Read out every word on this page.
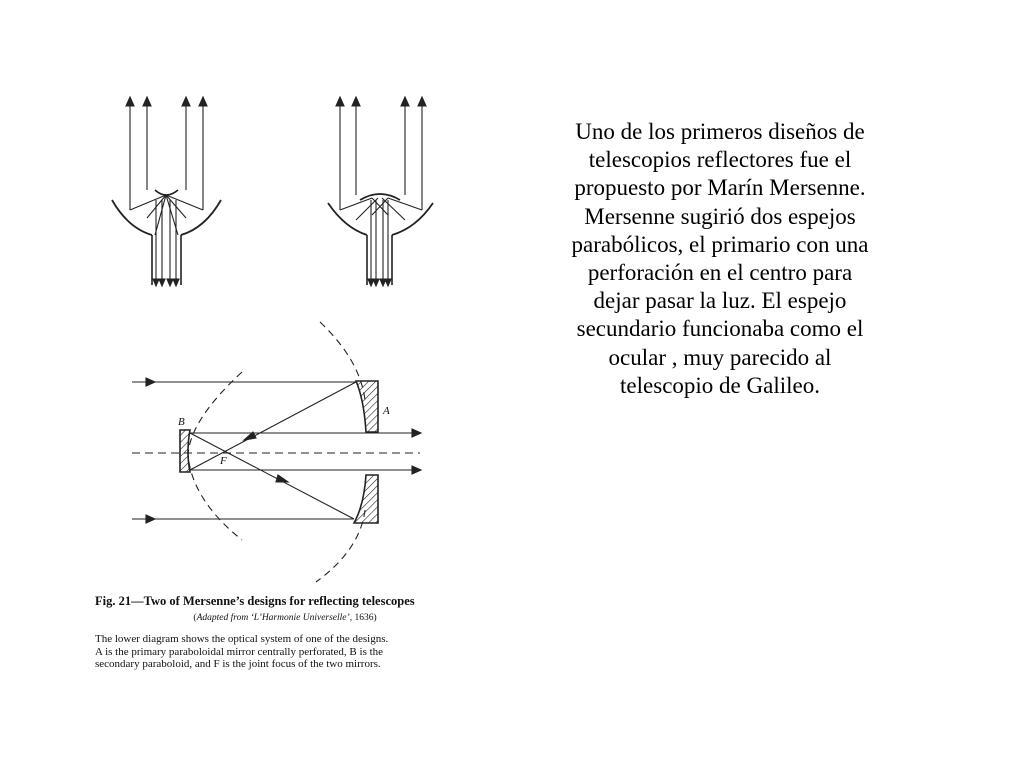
A
B
F
Fig. 21—Two of Mersenne’s designs for reflecting telescopes
(Adapted from ‘L’Harmonie Universelle’, 1636)
The lower diagram shows the optical system of one of the designs.
A is the primary paraboloidal mirror centrally perforated, B is the
secondary paraboloid, and F is the joint focus of the two mirrors.
Uno de los primeros diseños de
telescopios reflectores fue el
propuesto por Marín Mersenne.
Mersenne sugirió dos espejos
parabólicos, el primario con una
perforación en el centro para
dejar pasar la luz. El espejo
secundario funcionaba como el
ocular , muy parecido al
telescopio de Galileo.
